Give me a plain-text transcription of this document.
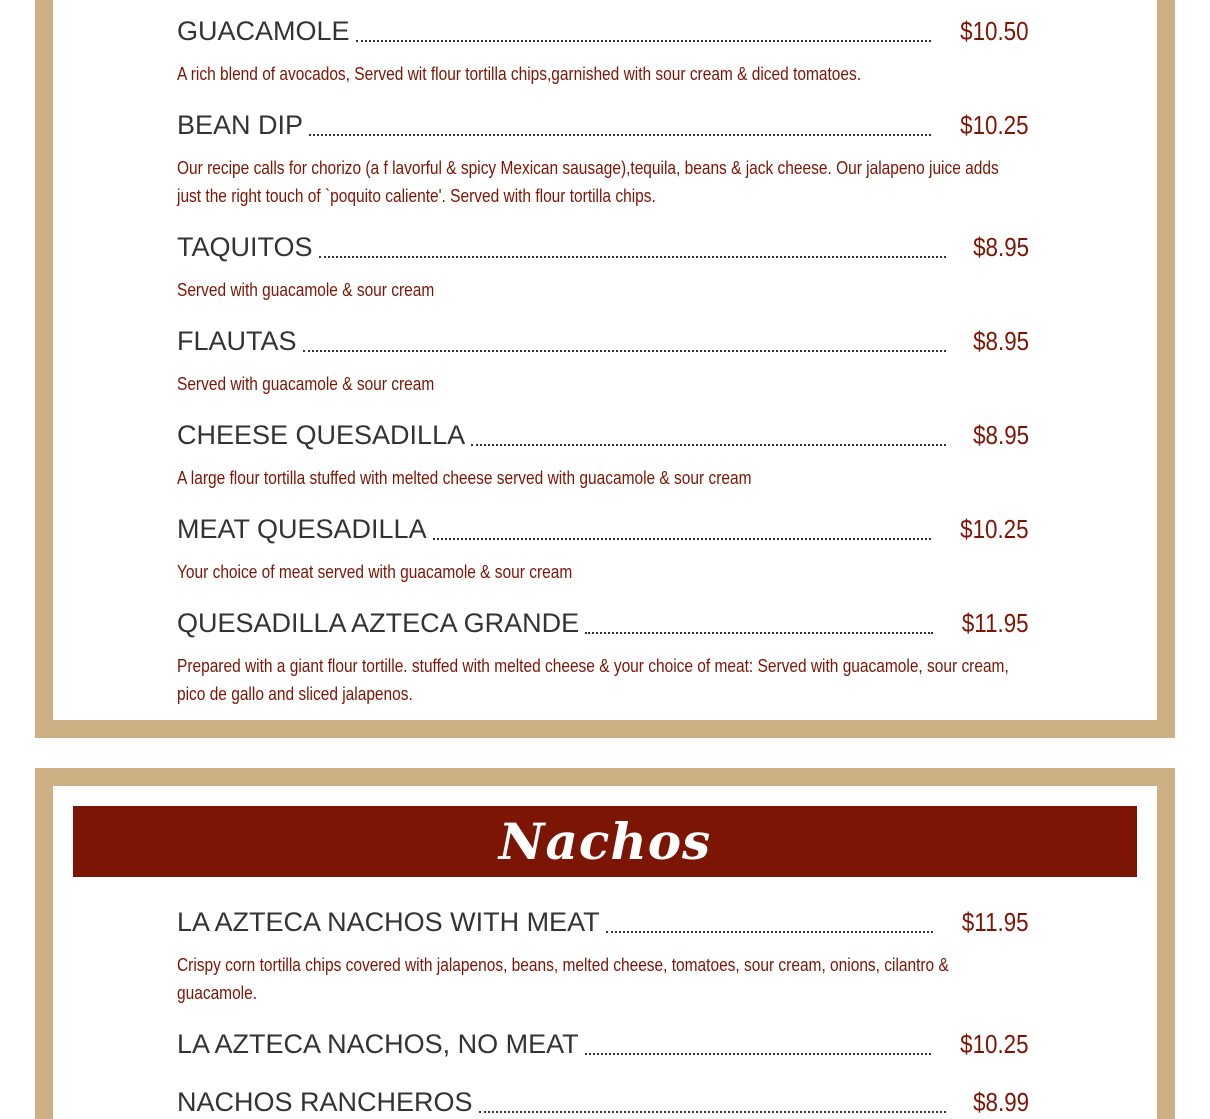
Nachos
GUACAMOLE	$10.50
A rich blend of avocados, Served wit flour tortilla chips,garnished with sour cream & diced tomatoes.
BEAN DIP	$10.25
Our recipe calls for chorizo (a f lavorful & spicy Mexican sausage),tequila, beans & jack cheese. Our jalapeno juice adds just the right touch of `poquito caliente'. Served with flour tortilla chips.
TAQUITOS	$8.95
Served with guacamole & sour cream
FLAUTAS	$8.95
Served with guacamole & sour cream
CHEESE QUESADILLA	$8.95
A large flour tortilla stuffed with melted cheese served with guacamole & sour cream
MEAT QUESADILLA	$10.25
Your choice of meat served with guacamole & sour cream
QUESADILLA AZTECA GRANDE	$11.95
Prepared with a giant flour tortille. stuffed with melted cheese & your choice of meat: Served with guacamole, sour cream, pico de gallo and sliced jalapenos.
LA AZTECA NACHOS WITH MEAT	$11.95
Crispy corn tortilla chips covered with jalapenos, beans, melted cheese, tomatoes, sour cream, onions, cilantro & guacamole.
LA AZTECA NACHOS, NO MEAT	$10.25
NACHOS RANCHEROS	$8.99
